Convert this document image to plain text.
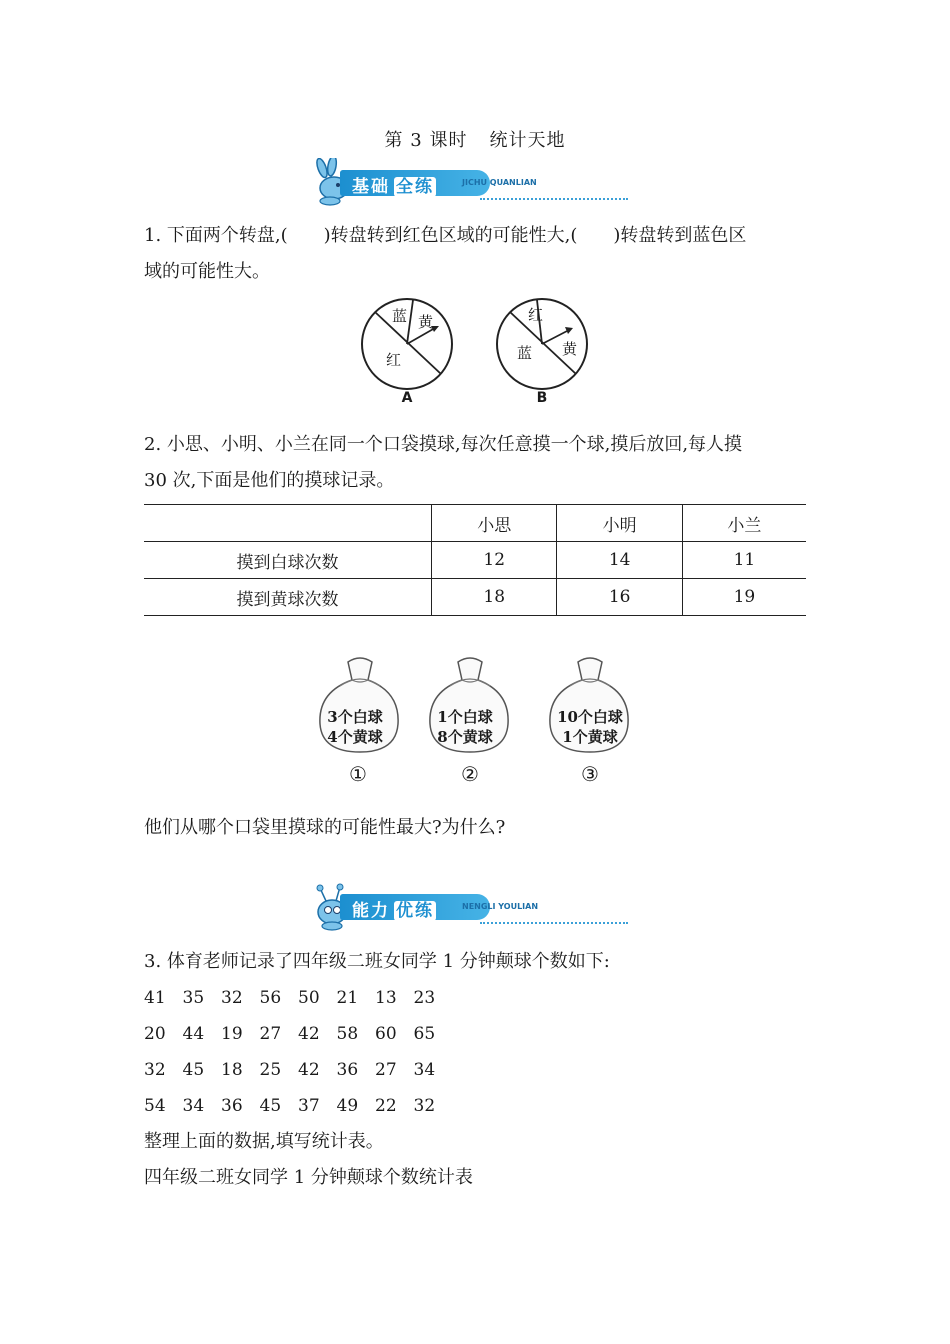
第 3 课时 统计天地
基础 全练	JICHU QUANLIAN
1. 下面两个转盘,(　　)转盘转到红色区域的可能性大,(　　)转盘转到蓝色区
域的可能性大。
蓝 黄
红
红
黄
蓝
A	B
2. 小思、小明、小兰在同一个口袋摸球,每次任意摸一个球,摸后放回,每人摸
30 次,下面是他们的摸球记录。
	小思	小明	小兰
摸到白球次数	12	14	11
摸到黄球次数	18	16	19
3个白球
4个黄球
1个白球
8个黄球
10个白球
1个黄球
①	②	③
他们从哪个口袋里摸球的可能性最大?为什么?
能力 优练	NENGLI YOULIAN
3. 体育老师记录了四年级二班女同学 1 分钟颠球个数如下:
41 35 32 56 50 21 13 23
20 44 19 27 42 58 60 65
32 45 18 25 42 36 27 34
54 34 36 45 37 49 22 32
整理上面的数据,填写统计表。
四年级二班女同学 1 分钟颠球个数统计表
